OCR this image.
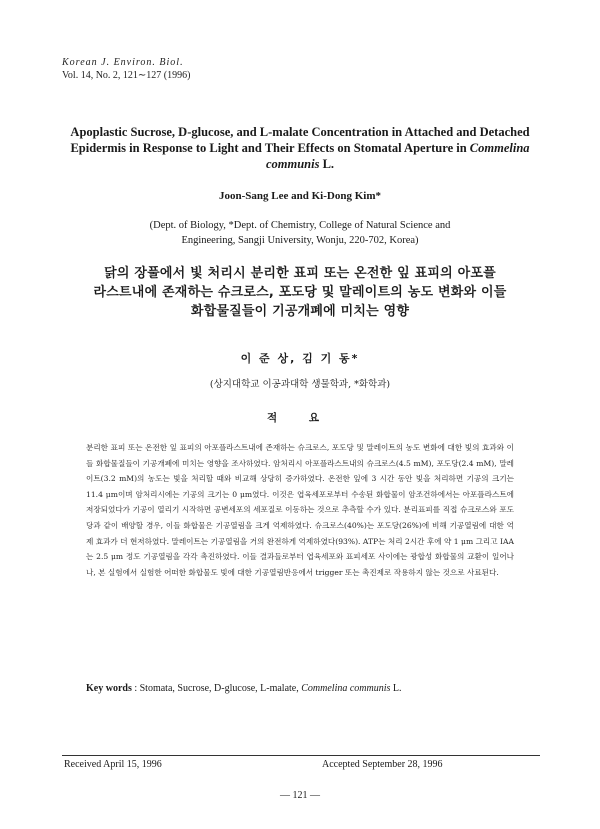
Korean J. Environ. Biol.
Vol. 14, No. 2, 121∼127 (1996)
Apoplastic Sucrose, D-glucose, and L-malate Concentration in Attached and Detached Epidermis in Response to Light and Their Effects on Stomatal Aperture in Commelina communis L.
Joon-Sang Lee and Ki-Dong Kim*
(Dept. of Biology, *Dept. of Chemistry, College of Natural Science and
Engineering, Sangji University, Wonju, 220-702, Korea)
닭의 장풀에서 빛 처리시 분리한 표피 또는 온전한 잎 표피의 아포플
라스트내에 존재하는 슈크로스, 포도당 및 말레이트의 농도 변화와 이들
화합물질들이 기공개폐에 미치는 영향
이 준 상, 김 기 동*
(상지대학교 이공과대학 생물학과, *화학과)
적 요
분리한 표피 또는 온전한 잎 표피의 아포플라스트내에 존재하는 슈크로스, 포도당 및 말레이트의 농도 변화에 대한 빛의 효과와 이들 화합물질들이 기공개폐에 미치는 영향을 조사하였다. 암처리시 아포플라스트내의 슈크로스(4.5 mM), 포도당(2.4 mM), 말레이트(3.2 mM)의 농도는 빛을 처리할 때와 비교해 상당히 증가하였다. 온전한 잎에 3 시간 동안 빛을 처리하면 기공의 크기는 11.4 μm이며 암처리시에는 기공의 크기는 0 μm였다. 이것은 엽육세포로부터 수송된 화합물이 암조건하에서는 아포플라스트에 저장되었다가 기공이 열리기 시작하면 공변세포의 세포질로 이동하는 것으로 추측할 수가 있다. 분리표피를 직접 슈크로스와 포도당과 같이 배양할 경우, 이들 화합물은 기공열림을 크게 억제하였다. 슈크로스(40%)는 포도당(26%)에 비해 기공열림에 대한 억제 효과가 더 현저하였다. 말레이트는 기공열림을 거의 완전하게 억제하였다(93%). ATP는 처리 2시간 후에 약 1 μm 그리고 IAA는 2.5 μm 정도 기공열림을 각각 촉진하였다. 이들 결과들로부터 엽육세포와 표피세포 사이에는 광합성 화합물의 교환이 일어나나, 본 실험에서 실험한 어떠한 화합물도 빛에 대한 기공열림반응에서 trigger 또는 촉진제로 작용하지 않는 것으로 사료된다.
Key words : Stomata, Sucrose, D-glucose, L-malate, Commelina communis L.
Received April 15, 1996	Accepted September 28, 1996
— 121 —
